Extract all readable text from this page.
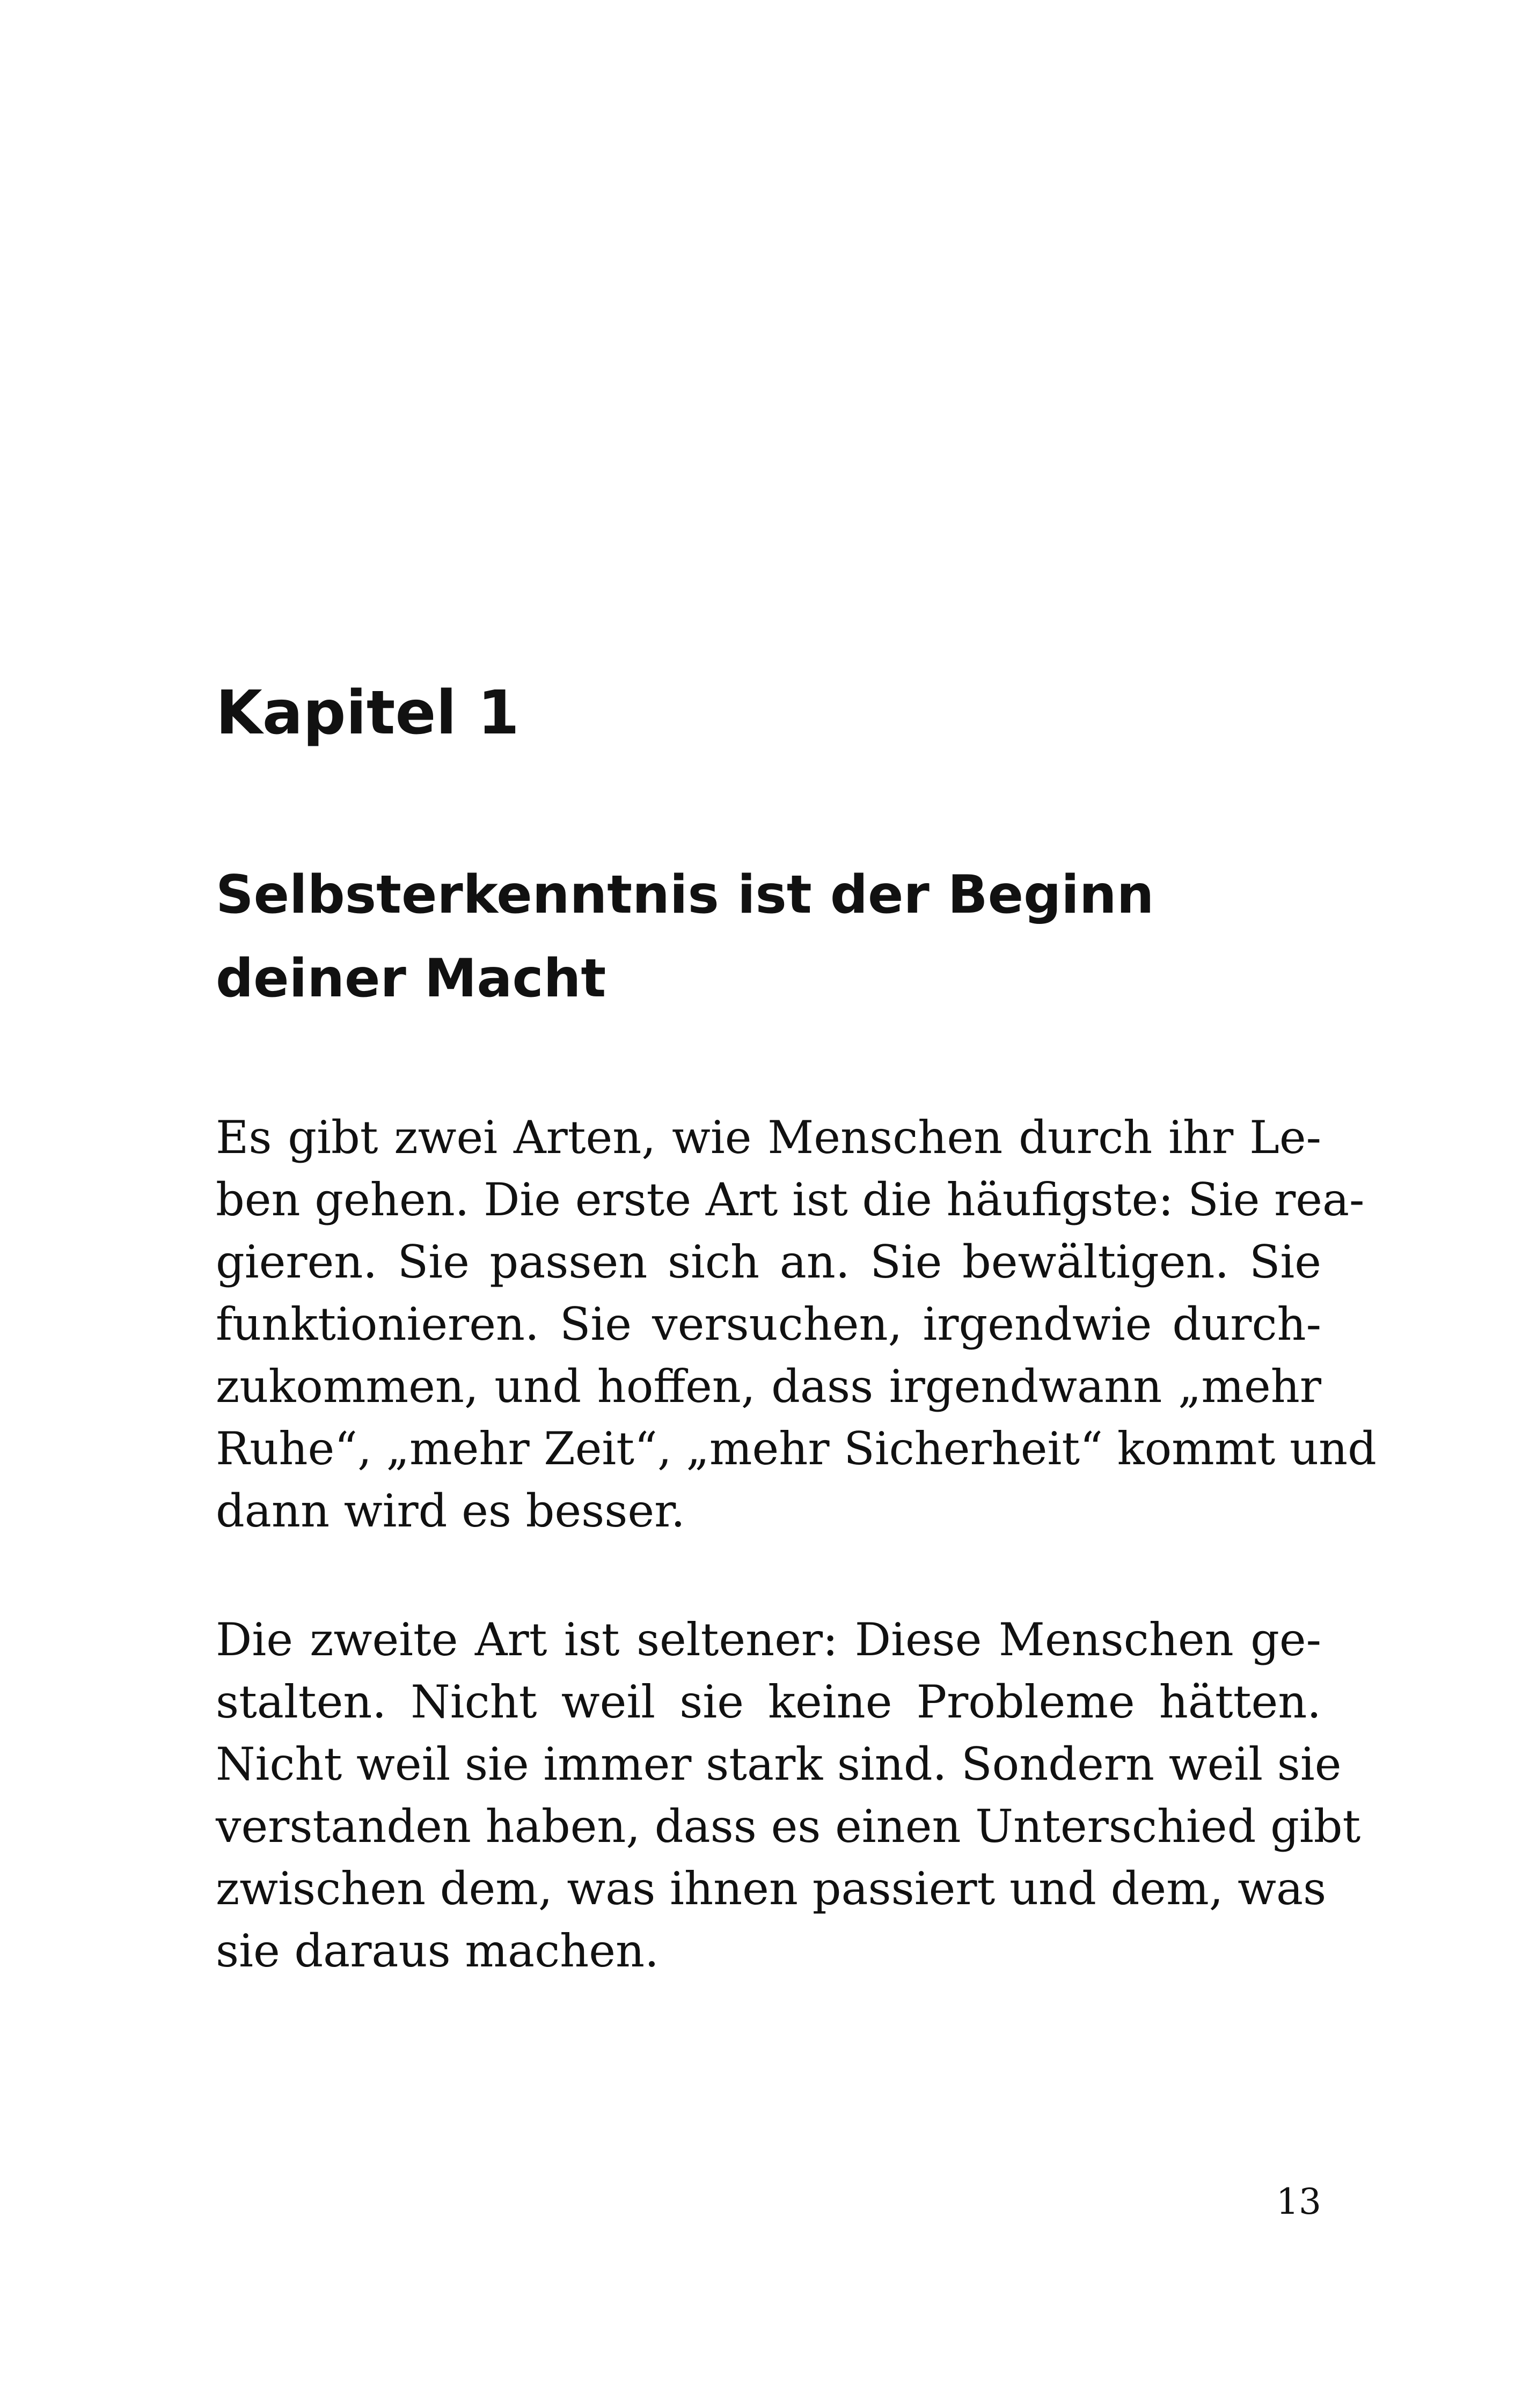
Kapitel 1
Selbsterkenntnis ist der Beginn deiner Macht

Es gibt zwei Arten, wie Menschen durch ihr Le-
ben gehen. Die erste Art ist die häufigste: Sie rea-
gieren. Sie passen sich an. Sie bewältigen. Sie
funktionieren. Sie versuchen, irgendwie durch-
zukommen, und hoffen, dass irgendwann „mehr
Ruhe“, „mehr Zeit“, „mehr Sicherheit“ kommt und
dann wird es besser.

Die zweite Art ist seltener: Diese Menschen ge-
stalten. Nicht weil sie keine Probleme hätten.
Nicht weil sie immer stark sind. Sondern weil sie
verstanden haben, dass es einen Unterschied gibt
zwischen dem, was ihnen passiert und dem, was
sie daraus machen.

13
